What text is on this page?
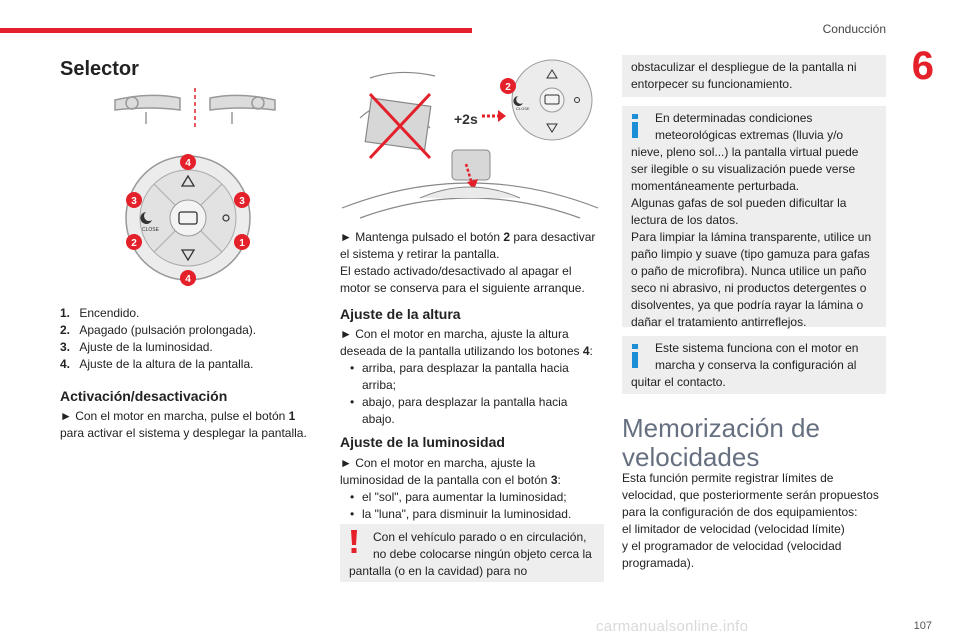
Conducción
6
Selector
CLOSE
4
3	3
2	1
4
1.
Encendido.
2.
Apagado (pulsación prolongada).
3.
Ajuste de la luminosidad.
4.
Ajuste de la altura de la pantalla.
Activación/desactivación

► Con el motor en marcha, pulse el botón 1

para activar el sistema y desplegar la pantalla.

+2s
CLOSE
2

► Mantenga pulsado el botón 2 para desactivar

el sistema y retirar la pantalla.

El estado activado/desactivado al apagar el

motor se conserva para el siguiente arranque.

Ajuste de la altura

► Con el motor en marcha, ajuste la altura

deseada de la pantalla utilizando los botones 4:

• arriba, para desplazar la pantalla hacia
arriba;
• abajo, para desplazar la pantalla hacia
abajo.
Ajuste de la luminosidad

► Con el motor en marcha, ajuste la

luminosidad de la pantalla con el botón 3:

• el "sol", para aumentar la luminosidad;
• la "luna", para disminuir la luminosidad.

Con el vehículo parado o en circulación,

no debe colocarse ningún objeto cerca la

pantalla (o en la cavidad) para no

obstaculizar el despliegue de la pantalla ni

entorpecer su funcionamiento.

En determinadas condiciones

meteorológicas extremas (lluvia y/o

nieve, pleno sol...) la pantalla virtual puede

ser ilegible o su visualización puede verse

momentáneamente perturbada.

Algunas gafas de sol pueden dificultar la

lectura de los datos.

Para limpiar la lámina transparente, utilice un

paño limpio y suave (tipo gamuza para gafas

o paño de microfibra). Nunca utilice un paño

seco ni abrasivo, ni productos detergentes o

disolventes, ya que podría rayar la lámina o

dañar el tratamiento antirreflejos.

Este sistema funciona con el motor en

marcha y conserva la configuración al

quitar el contacto.

Memorización de
velocidades

Esta función permite registrar límites de

velocidad, que posteriormente serán propuestos

para la configuración de dos equipamientos:

el limitador de velocidad (velocidad límite)

y el programador de velocidad (velocidad

programada).

carmanualsonline.info	107
